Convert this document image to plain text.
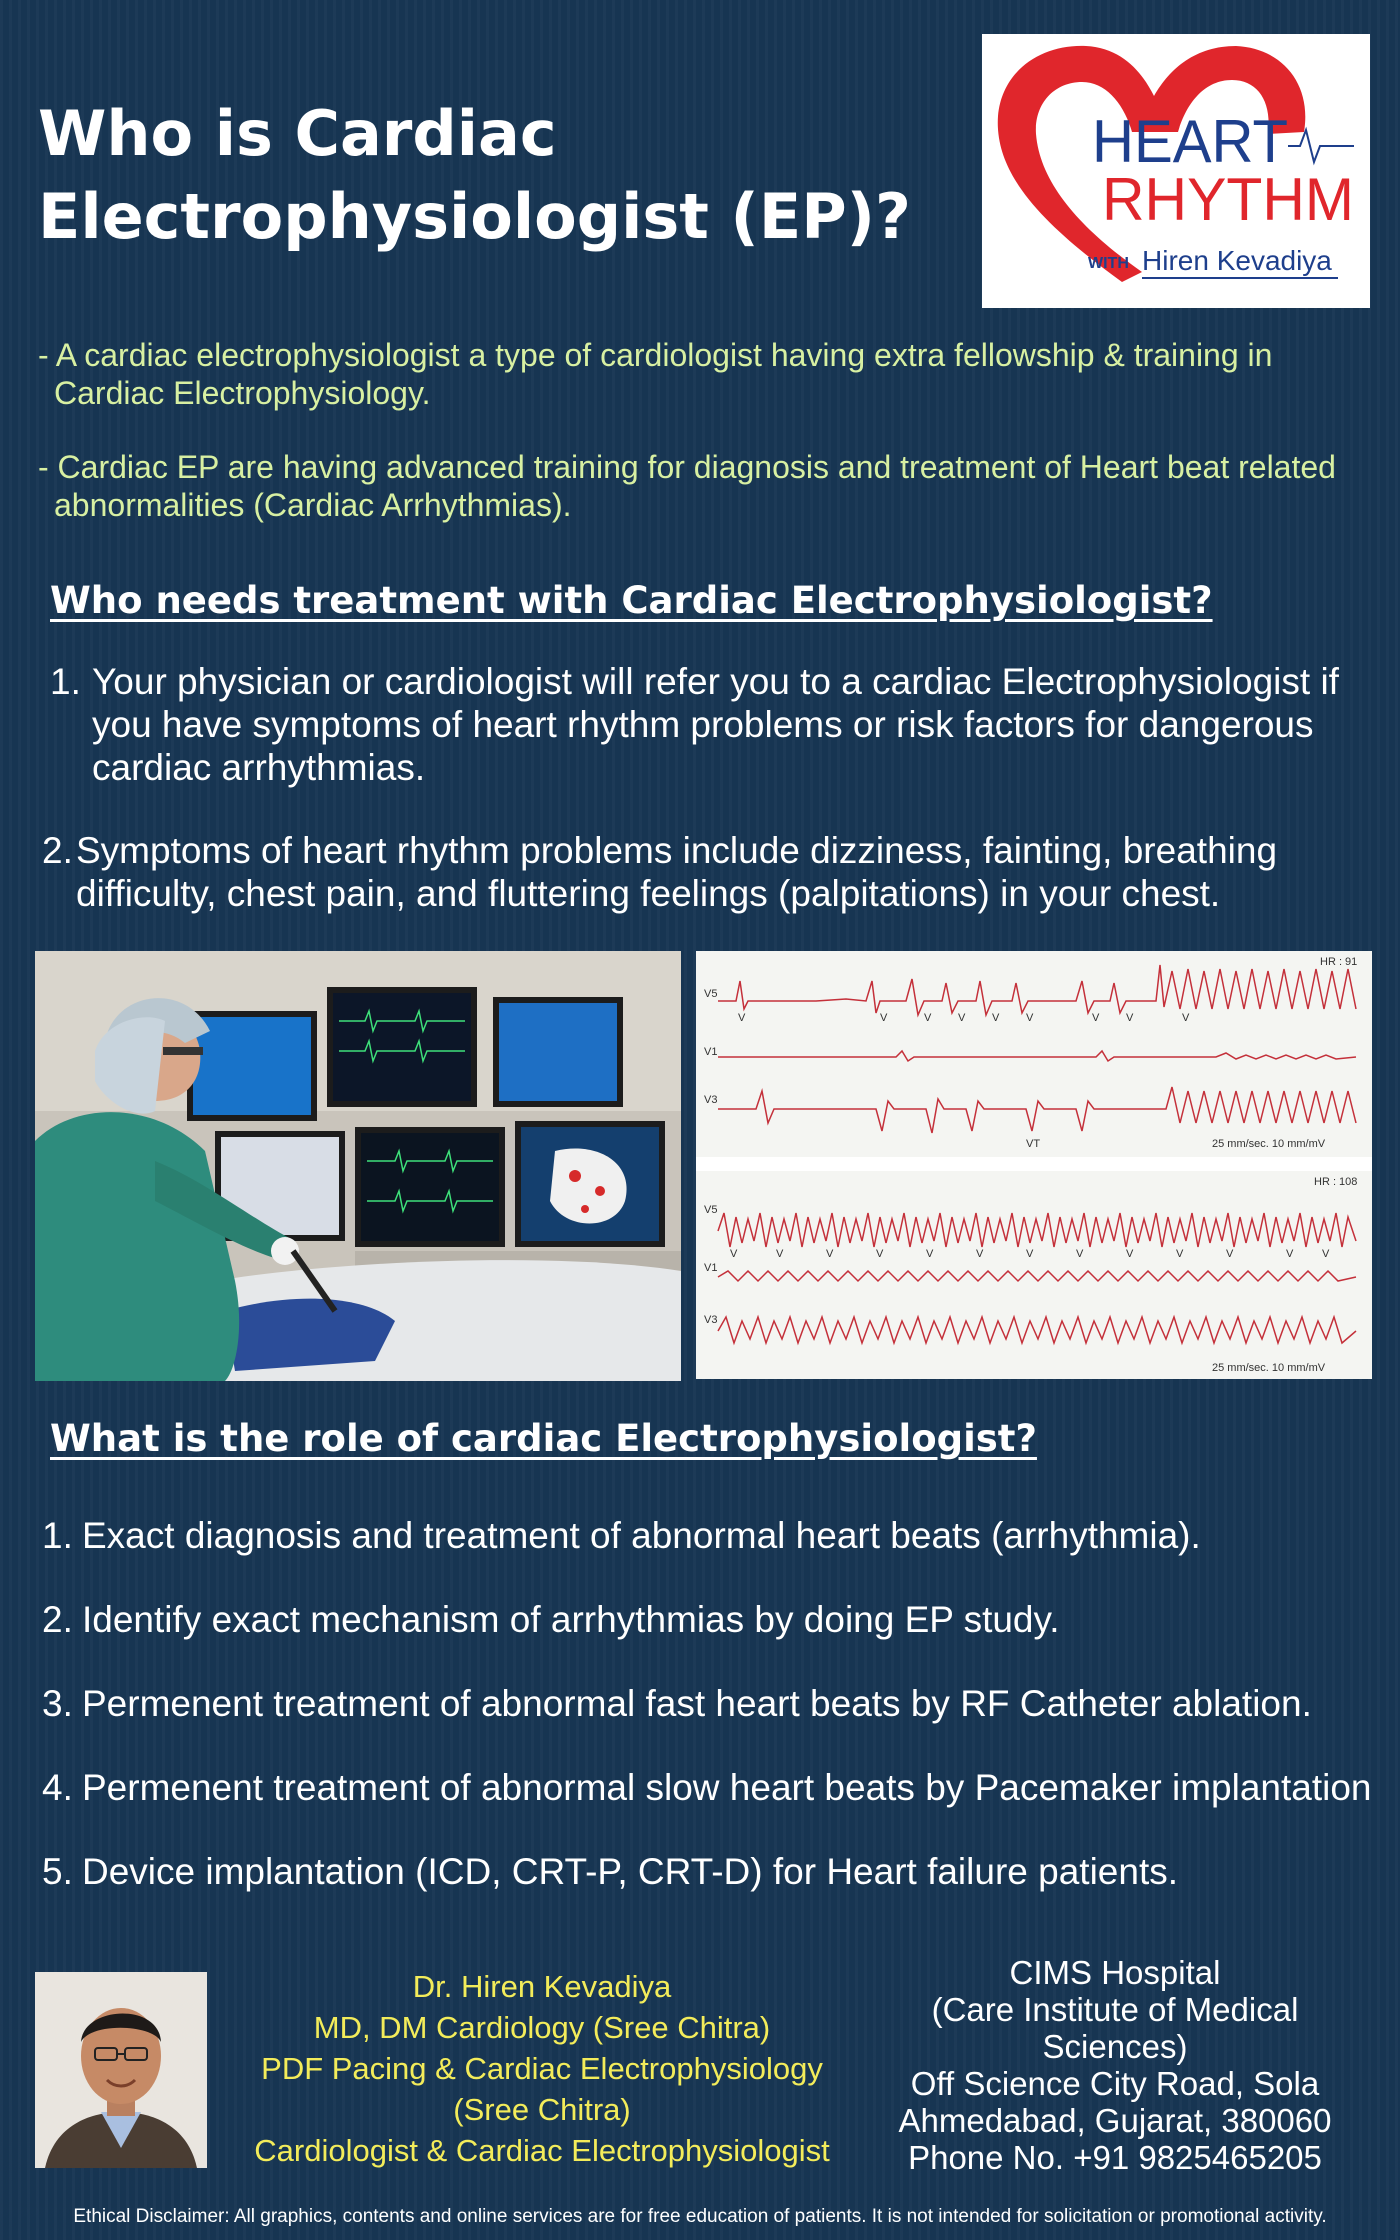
Who is Cardiac Electrophysiologist (EP)?
HEART
RHYTHM
WITH Hiren Kevadiya

- A cardiac electrophysiologist a type of cardiologist having extra fellowship & training in Cardiac Electrophysiology.

- Cardiac EP are having advanced training for diagnosis and treatment of Heart beat related abnormalities (Cardiac Arrhythmias).

Who needs treatment with Cardiac Electrophysiologist?
1. Your physician or cardiologist will refer you to a cardiac Electrophysiologist if you have symptoms of heart rhythm problems or risk factors for dangerous cardiac arrhythmias.
2. Symptoms of heart rhythm problems include dizziness, fainting, breathing difficulty, chest pain, and fluttering feelings (palpitations) in your chest.
HR : 91
V5
V1
V3
VT	25 mm/sec. 10 mm/mV
V	V	V V V V	V V	V
HR : 108
V5
V1
V3
25 mm/sec. 10 mm/mV
V	V	V	V	V	V	V	V	V	V	V	V	V
What is the role of cardiac Electrophysiologist?
1. Exact diagnosis and treatment of abnormal heart beats (arrhythmia).
2. Identify exact mechanism of arrhythmias by doing EP study.
3. Permenent treatment of abnormal fast heart beats by RF Catheter ablation.
4. Permenent treatment of abnormal slow heart beats by Pacemaker implantation
5. Device implantation (ICD, CRT-P, CRT-D) for Heart failure patients.
Dr. Hiren Kevadiya
MD, DM Cardiology (Sree Chitra)
PDF Pacing & Cardiac Electrophysiology
(Sree Chitra)
Cardiologist & Cardiac Electrophysiologist
CIMS Hospital
(Care Institute of Medical
Sciences)
Off Science City Road, Sola
Ahmedabad, Gujarat, 380060
Phone No. +91 9825465205
Ethical Disclaimer: All graphics, contents and online services are for free education of patients. It is not intended for solicitation or promotional activity.
